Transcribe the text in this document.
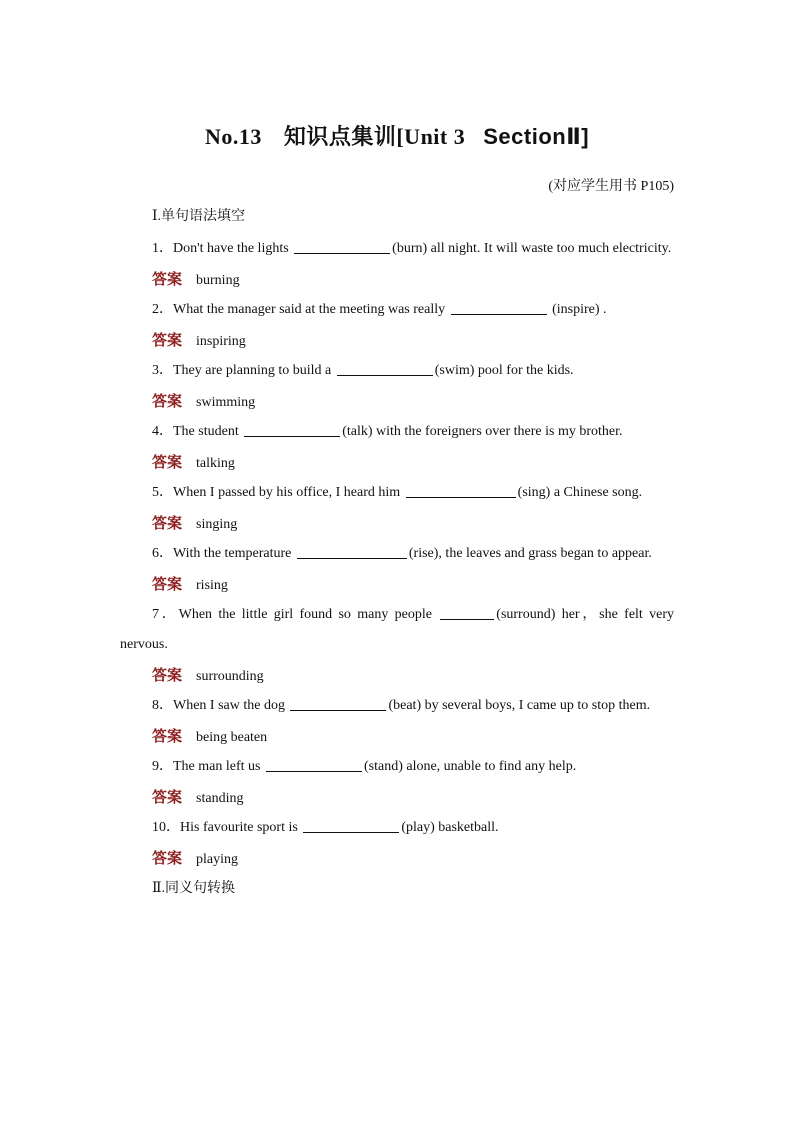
No.13 知识点集训[Unit 3 SectionⅡ]
(对应学生用书 P105)
Ⅰ.单句语法填空
1．Don't have the lights	(burn) all night. It will waste too much electricity.
答案 burning
2．What the manager said at the meeting was really	(inspire) .
答案 inspiring
3．They are planning to build a	(swim) pool for the kids.
答案 swimming
4．The student	(talk) with the foreigners over there is my brother.
答案 talking
5．When I passed by his office, I heard him	(sing) a Chinese song.
答案 singing
6．With the temperature	(rise), the leaves and grass began to appear.
答案 rising
7．When the little girl found so many people	(surround) her，she felt very nervous.
答案 surrounding
8．When I saw the dog	(beat) by several boys, I came up to stop them.
答案 being beaten
9．The man left us	(stand) alone, unable to find any help.
答案 standing
10．His favourite sport is	(play) basketball.
答案 playing
Ⅱ.同义句转换
